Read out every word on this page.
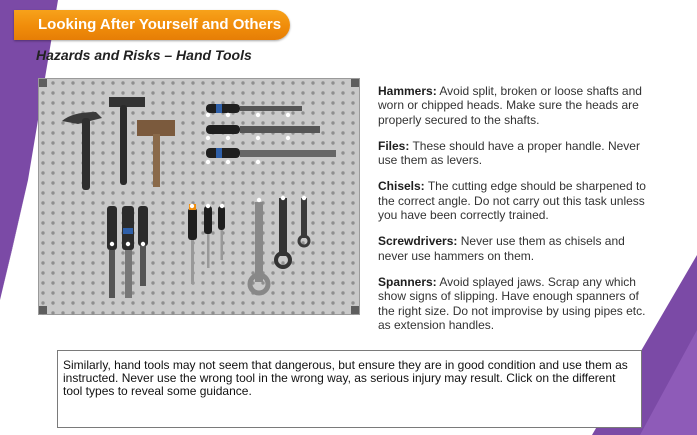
Looking After Yourself and Others
Hazards and Risks – Hand Tools
Hammers: Avoid split, broken or loose shafts and worn or chipped heads. Make sure the heads are properly secured to the shafts.
Files: These should have a proper handle. Never use them as levers.
Chisels: The cutting edge should be sharpened to the correct angle. Do not carry out this task unless you have been correctly trained.
Screwdrivers: Never use them as chisels and never use hammers on them.
Spanners: Avoid splayed jaws. Scrap any which show signs of slipping. Have enough spanners of the right size. Do not improvise by using pipes etc. as extension handles.
Similarly, hand tools may not seem that dangerous, but ensure they are in good condition and use them as instructed. Never use the wrong tool in the wrong way, as serious injury may result. Click on the different tool types to reveal some guidance.
